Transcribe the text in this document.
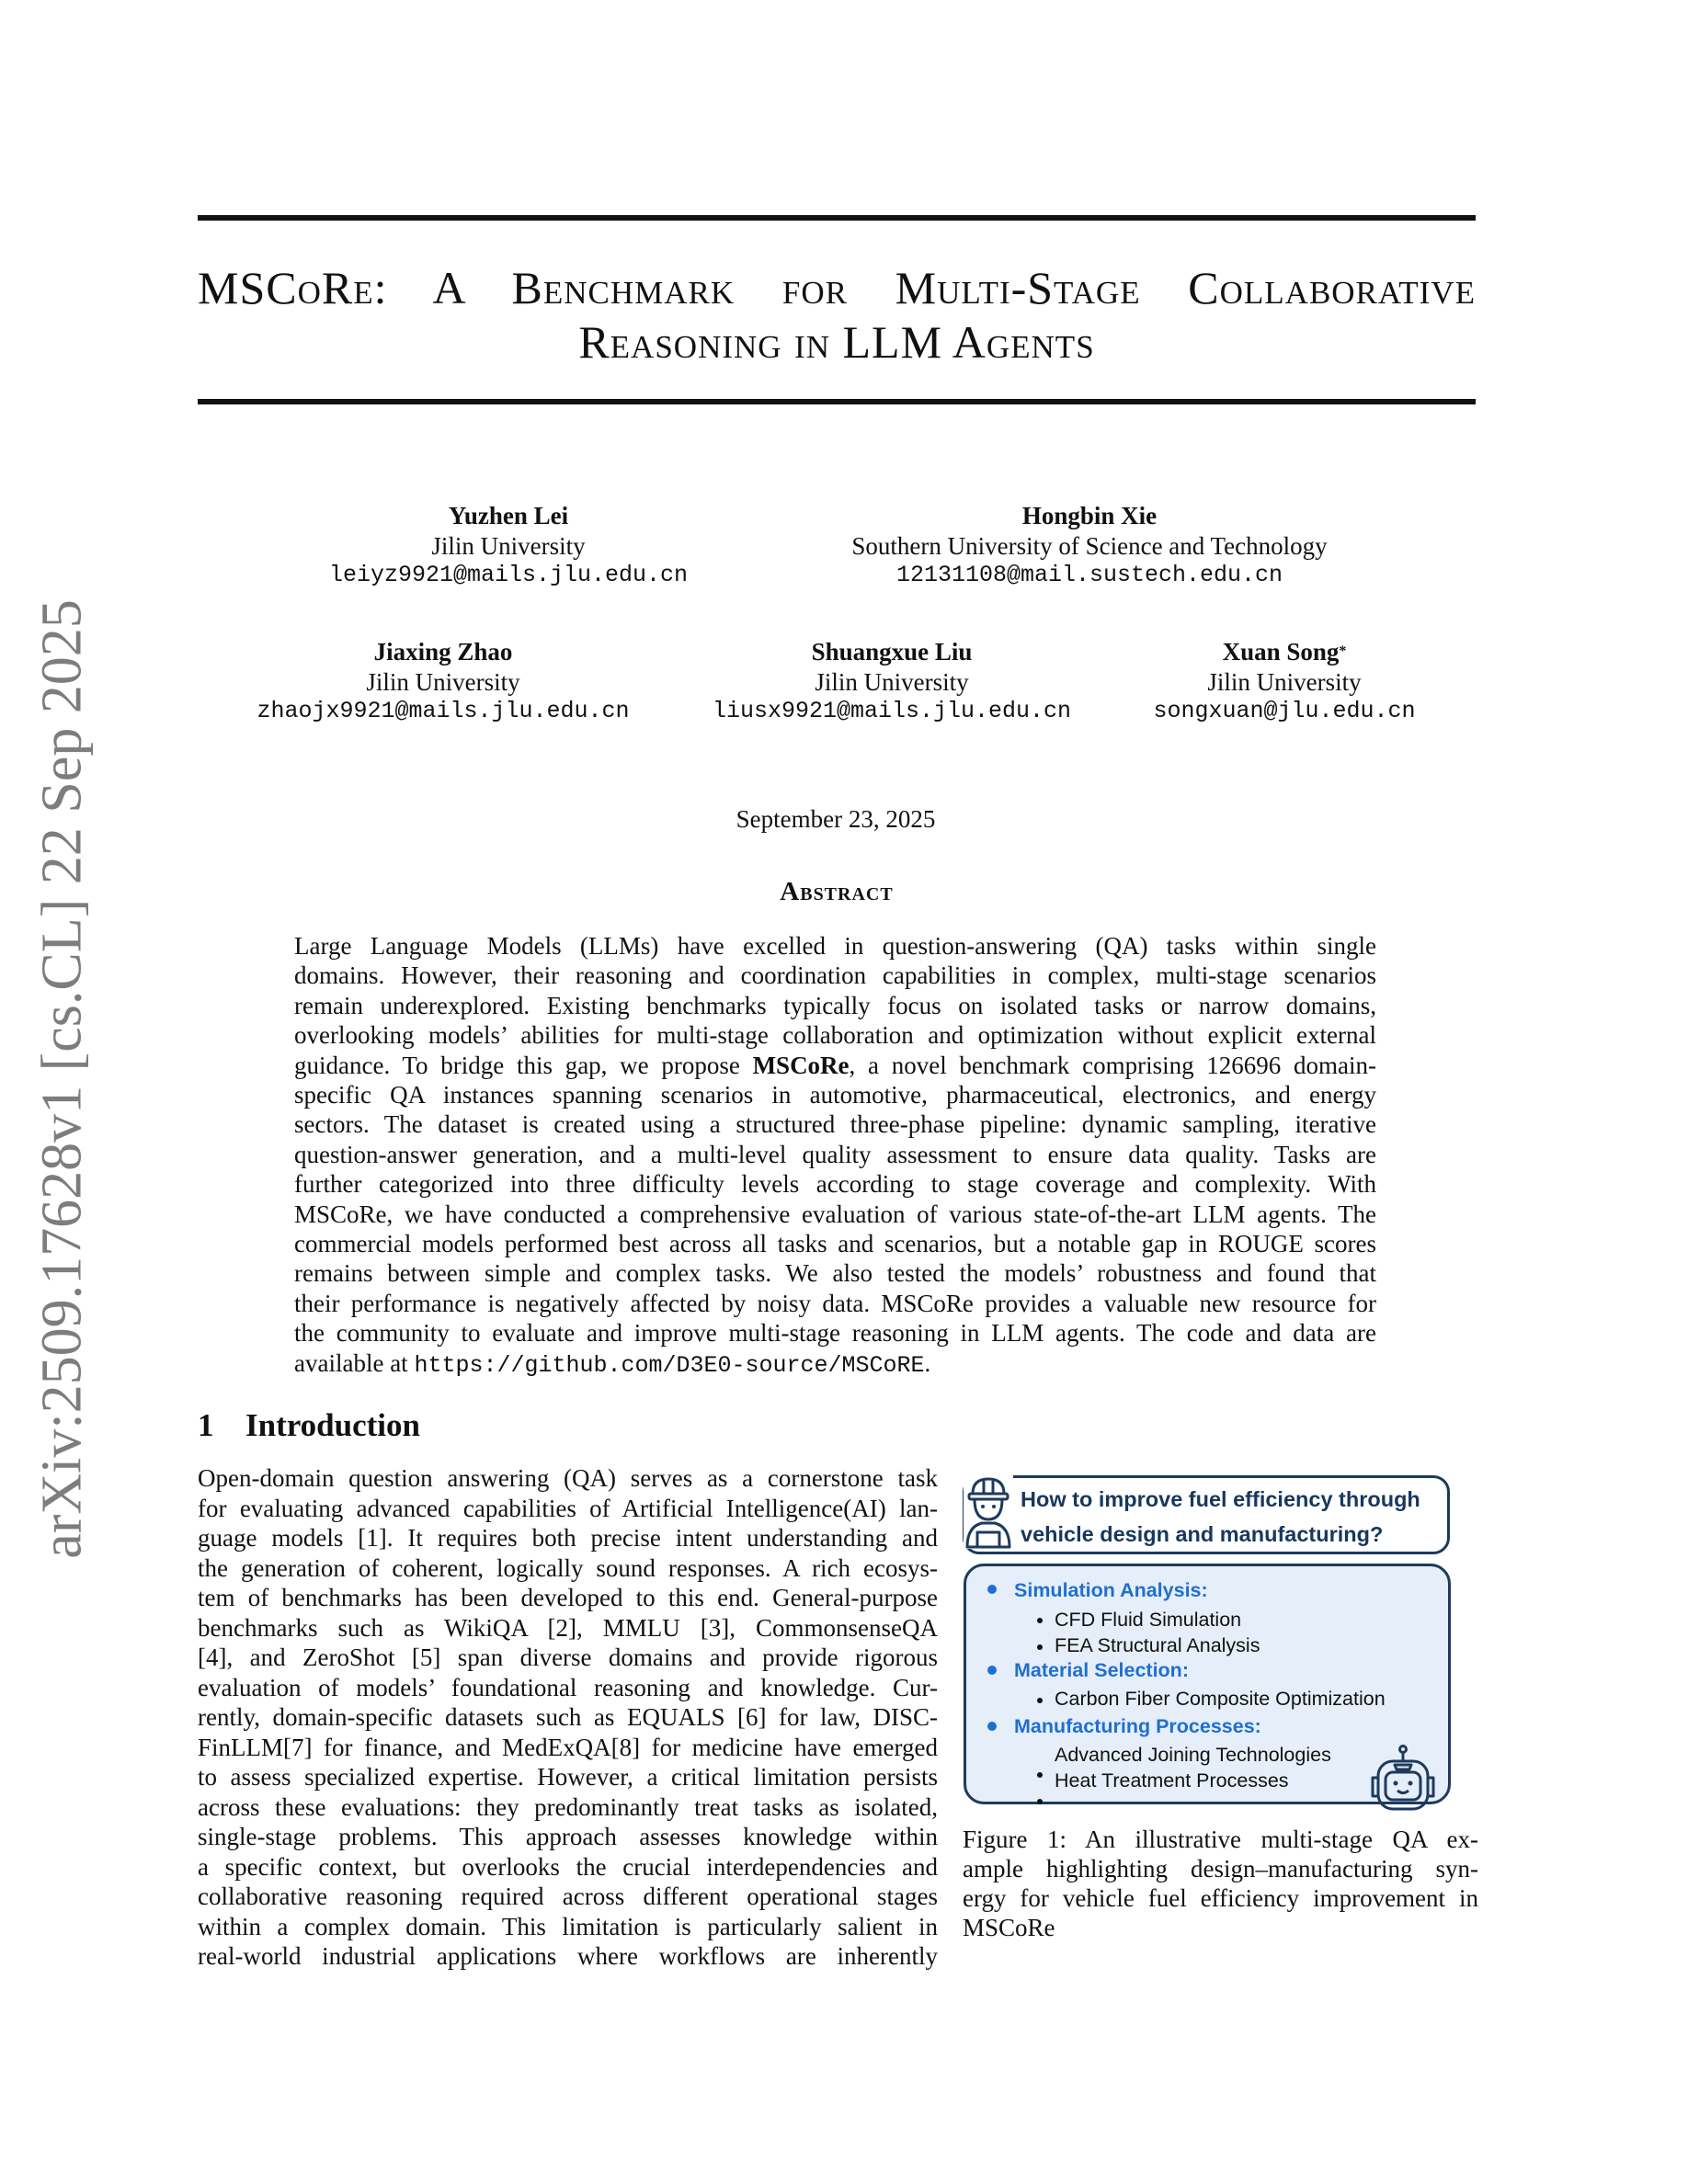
arXiv:2509.17628v1 [cs.CL] 22 Sep 2025
MSCoRe: A Benchmark for Multi-Stage Collaborative
Reasoning in LLM Agents
Yuzhen Lei
Jilin University
leiyz9921@mails.jlu.edu.cn
Hongbin Xie
Southern University of Science and Technology
12131108@mail.sustech.edu.cn
Jiaxing Zhao
Jilin University
zhaojx9921@mails.jlu.edu.cn
Shuangxue Liu
Jilin University
liusx9921@mails.jlu.edu.cn
Xuan Song*
Jilin University
songxuan@jlu.edu.cn
September 23, 2025
Abstract
Large Language Models (LLMs) have excelled in question-answering (QA) tasks within single
domains. However, their reasoning and coordination capabilities in complex, multi-stage scenarios
remain underexplored. Existing benchmarks typically focus on isolated tasks or narrow domains,
overlooking models’ abilities for multi-stage collaboration and optimization without explicit external
guidance. To bridge this gap, we propose MSCoRe, a novel benchmark comprising 126696 domain-
specific QA instances spanning scenarios in automotive, pharmaceutical, electronics, and energy
sectors. The dataset is created using a structured three-phase pipeline: dynamic sampling, iterative
question-answer generation, and a multi-level quality assessment to ensure data quality. Tasks are
further categorized into three difficulty levels according to stage coverage and complexity. With
MSCoRe, we have conducted a comprehensive evaluation of various state-of-the-art LLM agents. The
commercial models performed best across all tasks and scenarios, but a notable gap in ROUGE scores
remains between simple and complex tasks. We also tested the models’ robustness and found that
their performance is negatively affected by noisy data. MSCoRe provides a valuable new resource for
the community to evaluate and improve multi-stage reasoning in LLM agents. The code and data are
available at https://github.com/D3E0-source/MSCoRE.
1 Introduction
Open-domain question answering (QA) serves as a cornerstone task
for evaluating advanced capabilities of Artificial Intelligence(AI) lan-
guage models [1]. It requires both precise intent understanding and
the generation of coherent, logically sound responses. A rich ecosys-
tem of benchmarks has been developed to this end. General-purpose
benchmarks such as WikiQA [2], MMLU [3], CommonsenseQA
[4], and ZeroShot [5] span diverse domains and provide rigorous
evaluation of models’ foundational reasoning and knowledge. Cur-
rently, domain-specific datasets such as EQUALS [6] for law, DISC-
FinLLM[7] for finance, and MedExQA[8] for medicine have emerged
to assess specialized expertise. However, a critical limitation persists
across these evaluations: they predominantly treat tasks as isolated,
single-stage problems. This approach assesses knowledge within
a specific context, but overlooks the crucial interdependencies and
collaborative reasoning required across different operational stages
within a complex domain. This limitation is particularly salient in
real-world industrial applications where workflows are inherently
How to improve fuel efficiency through
vehicle design and manufacturing?
Simulation Analysis:
CFD Fluid Simulation
FEA Structural Analysis
Material Selection:
Carbon Fiber Composite Optimization
Manufacturing Processes:
Advanced Joining Technologies
Heat Treatment Processes
Figure 1: An illustrative multi-stage QA ex-
ample highlighting design–manufacturing syn-
ergy for vehicle fuel efficiency improvement in
MSCoRe
